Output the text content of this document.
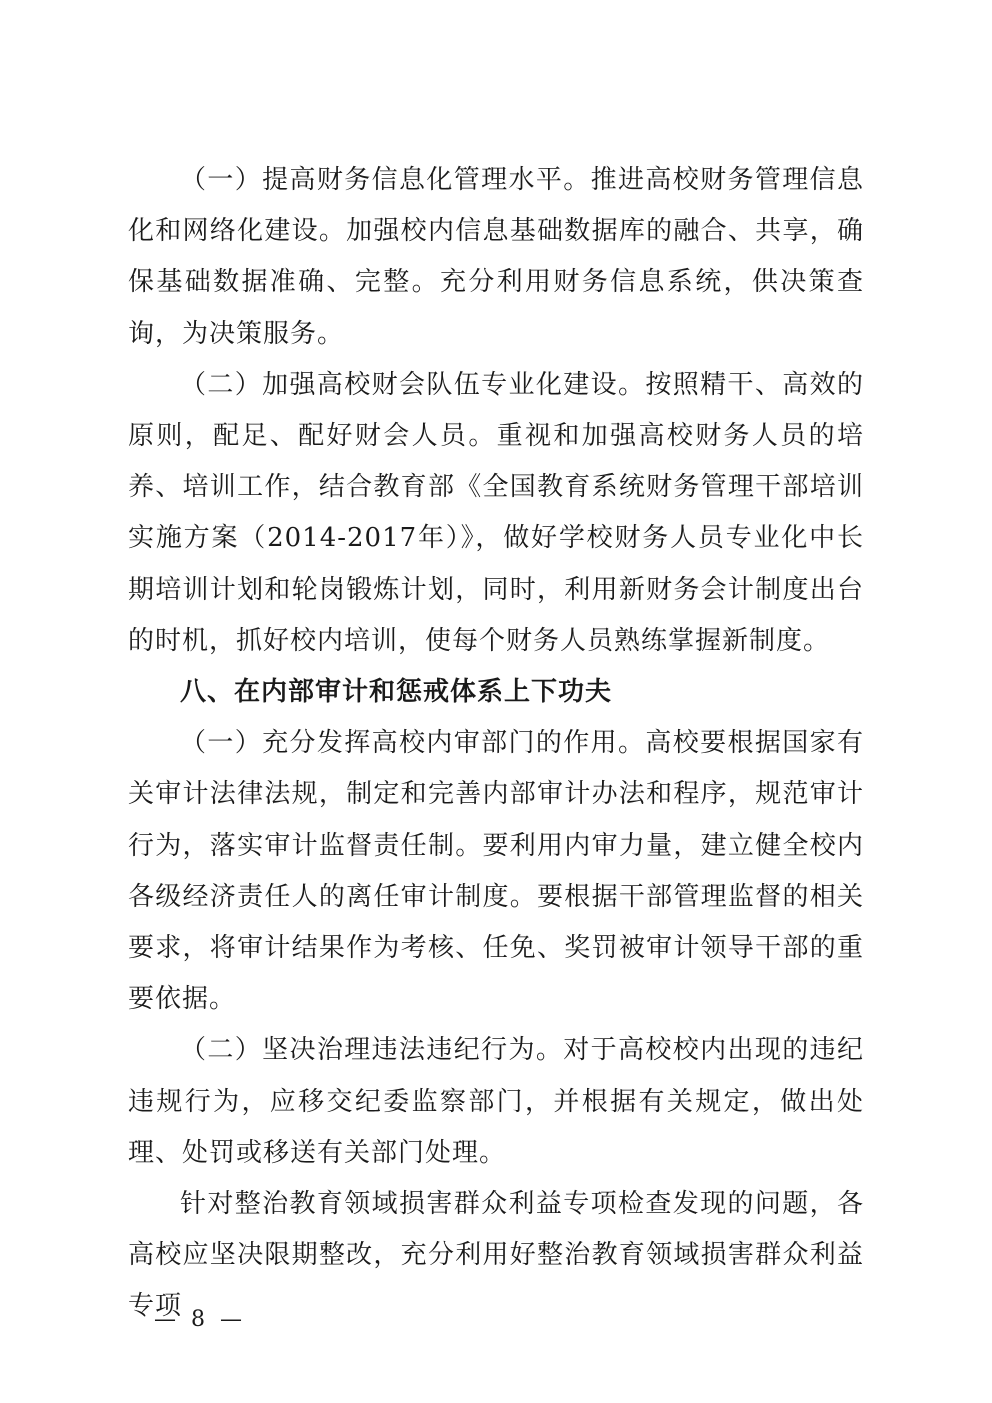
（一）提高财务信息化管理水平。推进高校财务管理信息化和网络化建设。加强校内信息基础数据库的融合、共享，确保基础数据准确、完整。充分利用财务信息系统，供决策查询，为决策服务。

（二）加强高校财会队伍专业化建设。按照精干、高效的原则，配足、配好财会人员。重视和加强高校财务人员的培养、培训工作，结合教育部《全国教育系统财务管理干部培训实施方案（2014-2017年）》，做好学校财务人员专业化中长期培训计划和轮岗锻炼计划，同时，利用新财务会计制度出台的时机，抓好校内培训，使每个财务人员熟练掌握新制度。

八、在内部审计和惩戒体系上下功夫

（一）充分发挥高校内审部门的作用。高校要根据国家有关审计法律法规，制定和完善内部审计办法和程序，规范审计行为，落实审计监督责任制。要利用内审力量，建立健全校内各级经济责任人的离任审计制度。要根据干部管理监督的相关要求，将审计结果作为考核、任免、奖罚被审计领导干部的重要依据。

（二）坚决治理违法违纪行为。对于高校校内出现的违纪违规行为，应移交纪委监察部门，并根据有关规定，做出处理、处罚或移送有关部门处理。

针对整治教育领域损害群众利益专项检查发现的问题，各高校应坚决限期整改，充分利用好整治教育领域损害群众利益专项

— 8 —
